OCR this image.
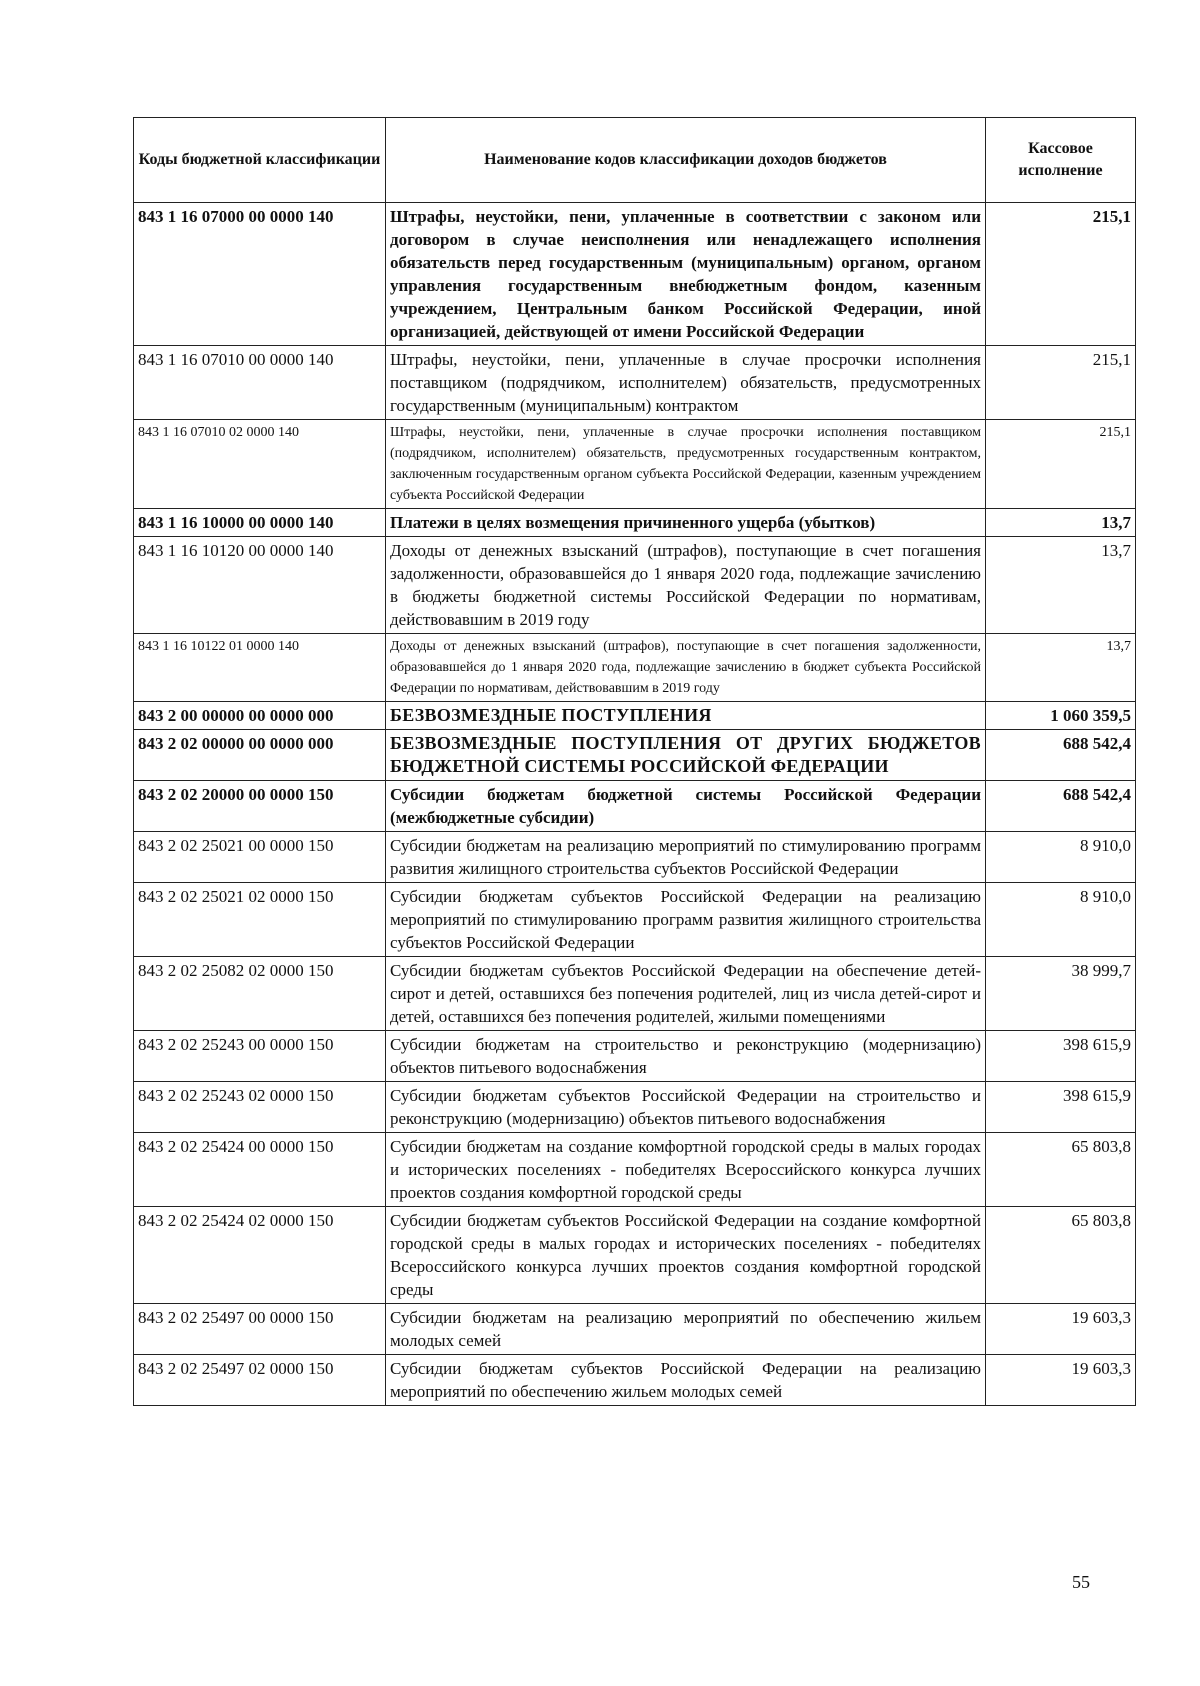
Коды бюджетной классификации	Наименование кодов классификации доходов бюджетов	Кассовое исполнение
843 1 16 07000 00 0000 140	Штрафы, неустойки, пени, уплаченные в соответствии с законом или договором в случае неисполнения или ненадлежащего исполнения обязательств перед государственным (муниципальным) органом, органом управления государственным внебюджетным фондом, казенным учреждением, Центральным банком Российской Федерации, иной организацией, действующей от имени Российской Федерации	215,1
843 1 16 07010 00 0000 140	Штрафы, неустойки, пени, уплаченные в случае просрочки исполнения поставщиком (подрядчиком, исполнителем) обязательств, предусмотренных государственным (муниципальным) контрактом	215,1
843 1 16 07010 02 0000 140	Штрафы, неустойки, пени, уплаченные в случае просрочки исполнения поставщиком (подрядчиком, исполнителем) обязательств, предусмотренных государственным контрактом, заключенным государственным органом субъекта Российской Федерации, казенным учреждением субъекта Российской Федерации	215,1
843 1 16 10000 00 0000 140	Платежи в целях возмещения причиненного ущерба (убытков)	13,7
843 1 16 10120 00 0000 140	Доходы от денежных взысканий (штрафов), поступающие в счет погашения задолженности, образовавшейся до 1 января 2020 года, подлежащие зачислению в бюджеты бюджетной системы Российской Федерации по нормативам, действовавшим в 2019 году	13,7
843 1 16 10122 01 0000 140	Доходы от денежных взысканий (штрафов), поступающие в счет погашения задолженности, образовавшейся до 1 января 2020 года, подлежащие зачислению в бюджет субъекта Российской Федерации по нормативам, действовавшим в 2019 году	13,7
843 2 00 00000 00 0000 000	БЕЗВОЗМЕЗДНЫЕ ПОСТУПЛЕНИЯ	1 060 359,5
843 2 02 00000 00 0000 000	БЕЗВОЗМЕЗДНЫЕ ПОСТУПЛЕНИЯ ОТ ДРУГИХ БЮДЖЕТОВ БЮДЖЕТНОЙ СИСТЕМЫ РОССИЙСКОЙ ФЕДЕРАЦИИ	688 542,4
843 2 02 20000 00 0000 150	Субсидии бюджетам бюджетной системы Российской Федерации (межбюджетные субсидии)	688 542,4
843 2 02 25021 00 0000 150	Субсидии бюджетам на реализацию мероприятий по стимулированию программ развития жилищного строительства субъектов Российской Федерации	8 910,0
843 2 02 25021 02 0000 150	Субсидии бюджетам субъектов Российской Федерации на реализацию мероприятий по стимулированию программ развития жилищного строительства субъектов Российской Федерации	8 910,0
843 2 02 25082 02 0000 150	Субсидии бюджетам субъектов Российской Федерации на обеспечение детей-сирот и детей, оставшихся без попечения родителей, лиц из числа детей-сирот и детей, оставшихся без попечения родителей, жилыми помещениями	38 999,7
843 2 02 25243 00 0000 150	Субсидии бюджетам на строительство и реконструкцию (модернизацию) объектов питьевого водоснабжения	398 615,9
843 2 02 25243 02 0000 150	Субсидии бюджетам субъектов Российской Федерации на строительство и реконструкцию (модернизацию) объектов питьевого водоснабжения	398 615,9
843 2 02 25424 00 0000 150	Субсидии бюджетам на создание комфортной городской среды в малых городах и исторических поселениях - победителях Всероссийского конкурса лучших проектов создания комфортной городской среды	65 803,8
843 2 02 25424 02 0000 150	Субсидии бюджетам субъектов Российской Федерации на создание комфортной городской среды в малых городах и исторических поселениях - победителях Всероссийского конкурса лучших проектов создания комфортной городской среды	65 803,8
843 2 02 25497 00 0000 150	Субсидии бюджетам на реализацию мероприятий по обеспечению жильем молодых семей	19 603,3
843 2 02 25497 02 0000 150	Субсидии бюджетам субъектов Российской Федерации на реализацию мероприятий по обеспечению жильем молодых семей	19 603,3
55
